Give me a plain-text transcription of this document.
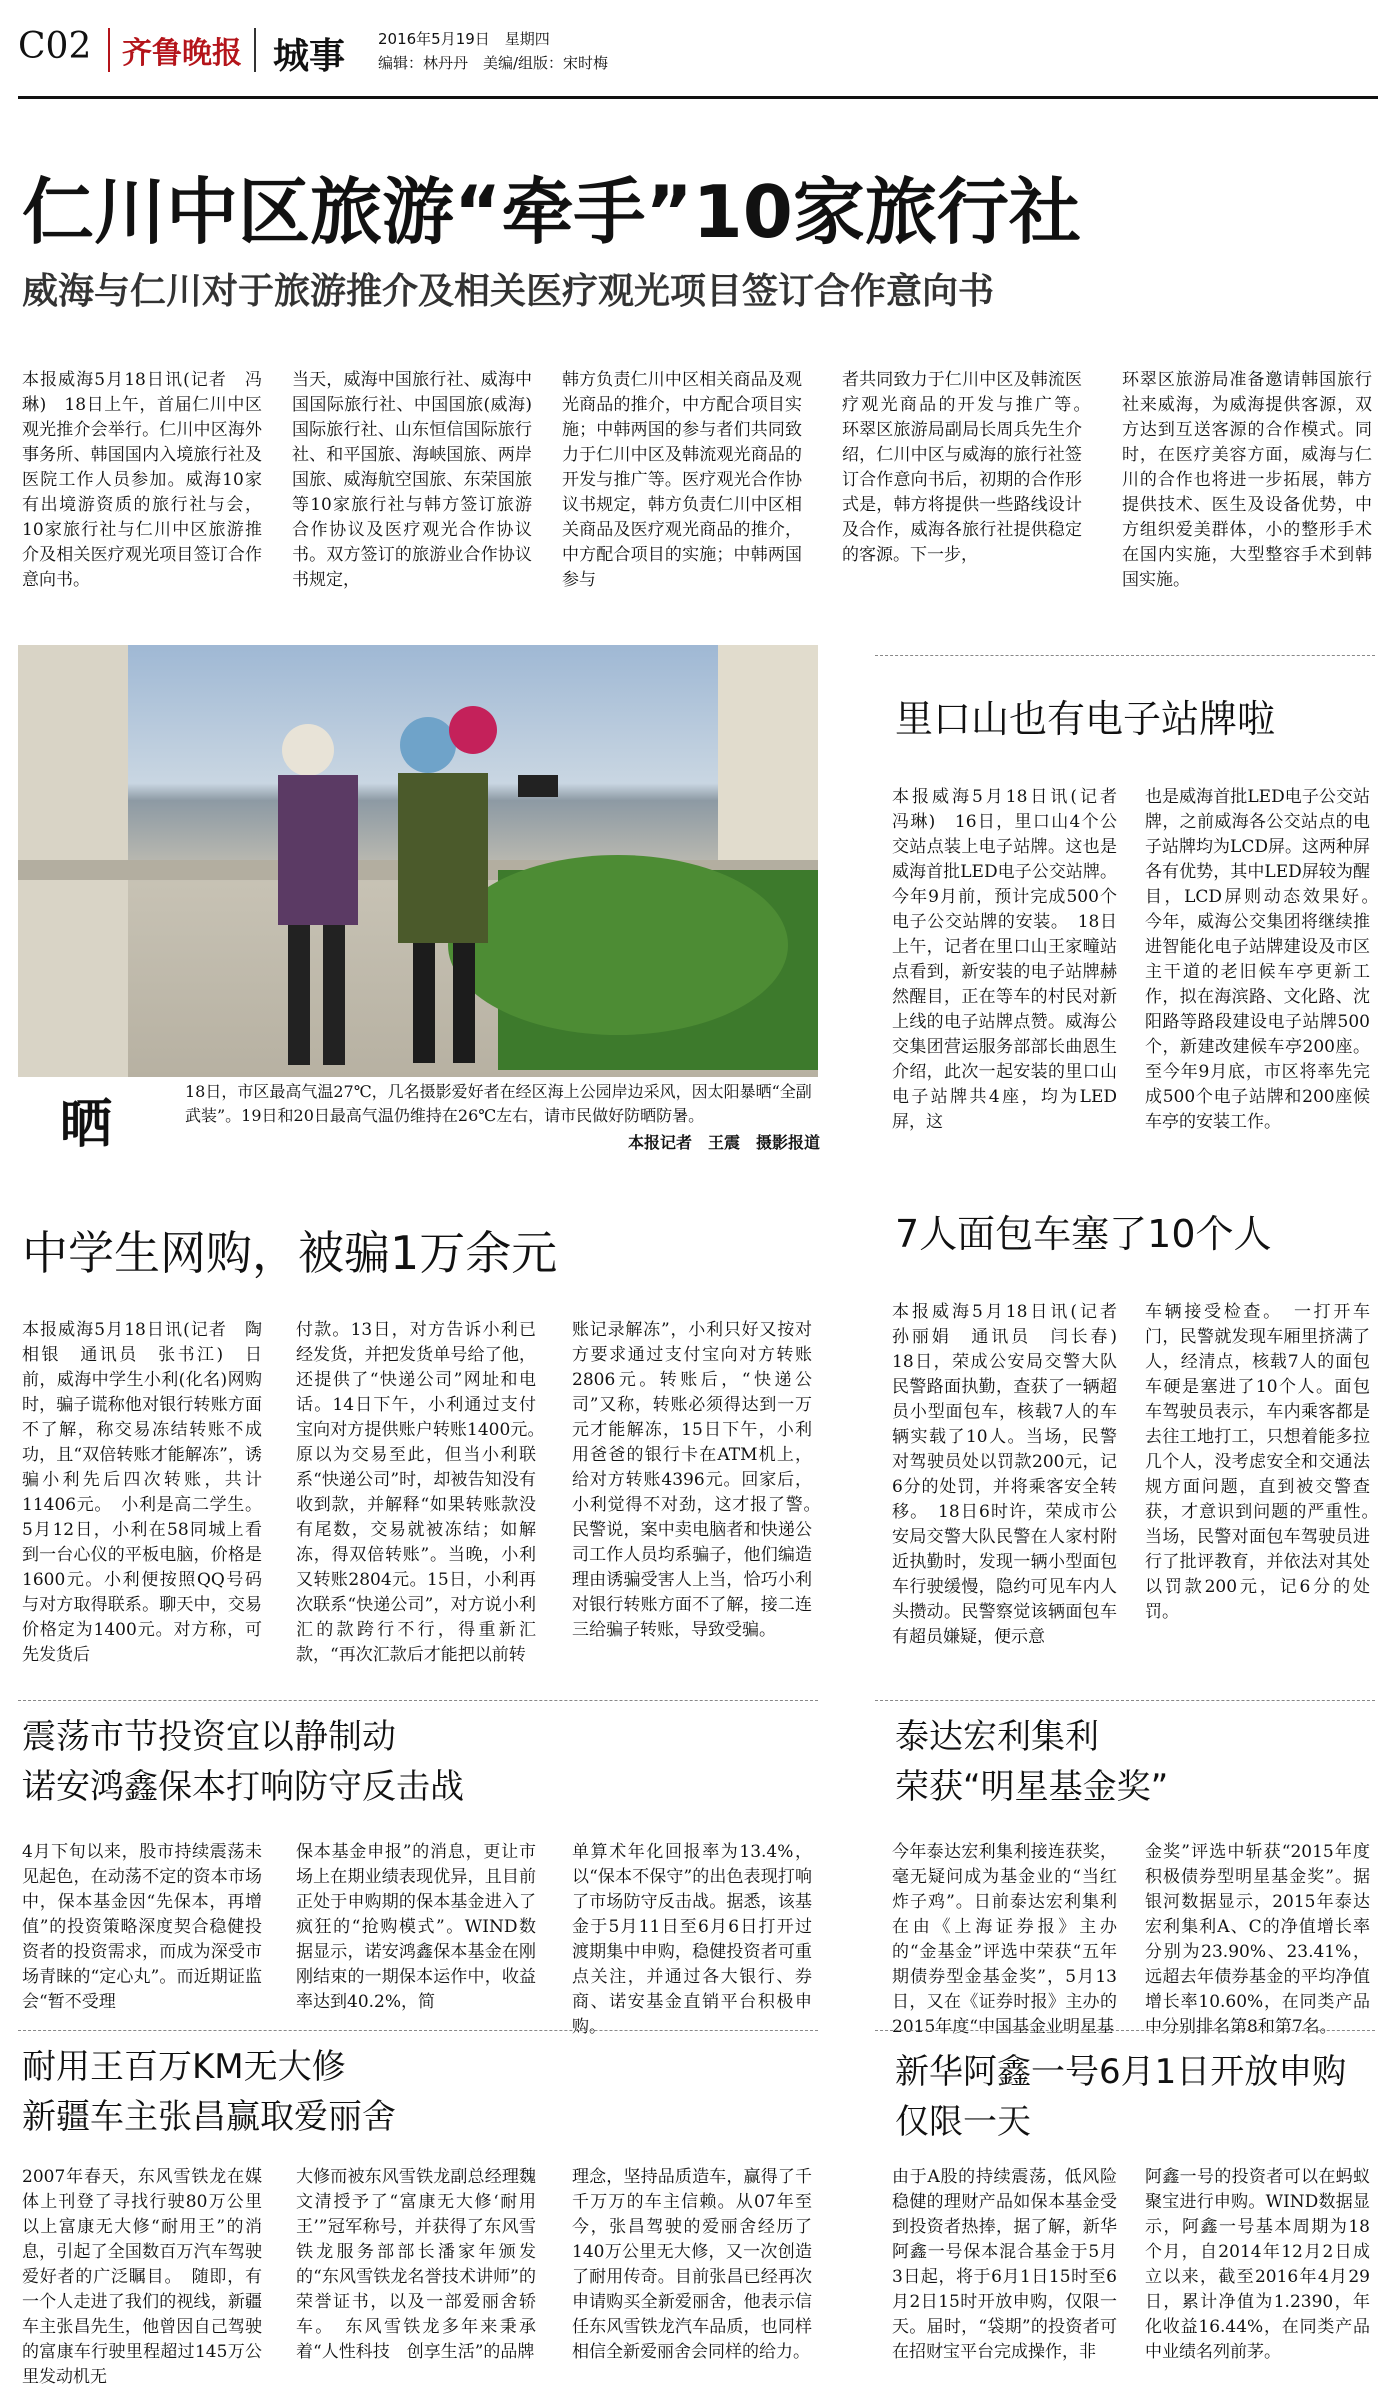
C02	齐鲁晚报 城事 2016年5月19日　星期四
编辑：林丹丹　美编/组版：宋时梅
仁川中区旅游“牵手”10家旅行社
威海与仁川对于旅游推介及相关医疗观光项目签订合作意向书
本报威海5月18日讯(记者　冯琳)　18日上午，首届仁川中区观光推介会举行。仁川中区海外事务所、韩国国内入境旅行社及医院工作人员参加。威海10家有出境游资质的旅行社与会，10家旅行社与仁川中区旅游推介及相关医疗观光项目签订合作意向书。
当天，威海中国旅行社、威海中国国际旅行社、中国国旅(威海)国际旅行社、山东恒信国际旅行社、和平国旅、海峡国旅、两岸国旅、威海航空国旅、东荣国旅等10家旅行社与韩方签订旅游合作协议及医疗观光合作协议书。双方签订的旅游业合作协议书规定，
韩方负责仁川中区相关商品及观光商品的推介，中方配合项目实施；中韩两国的参与者们共同致力于仁川中区及韩流观光商品的开发与推广等。医疗观光合作协议书规定，韩方负责仁川中区相关商品及医疗观光商品的推介，中方配合项目的实施；中韩两国参与
者共同致力于仁川中区及韩流医疗观光商品的开发与推广等。　环翠区旅游局副局长周兵先生介绍，仁川中区与威海的旅行社签订合作意向书后，初期的合作形式是，韩方将提供一些路线设计及合作，威海各旅行社提供稳定的客源。下一步，
环翠区旅游局准备邀请韩国旅行社来威海，为威海提供客源，双方达到互送客源的合作模式。同时，在医疗美容方面，威海与仁川的合作也将进一步拓展，韩方提供技术、医生及设备优势，中方组织爱美群体，小的整形手术在国内实施，大型整容手术到韩国实施。
晒
18日，市区最高气温27℃，几名摄影爱好者在经区海上公园岸边采风，因太阳暴晒“全副武装”。19日和20日最高气温仍维持在26℃左右，请市民做好防晒防暑。
本报记者　王震　摄影报道
里口山也有电子站牌啦
本报威海5月18日讯(记者　冯琳)　16日，里口山4个公交站点装上电子站牌。这也是威海首批LED电子公交站牌。今年9月前，预计完成500个电子公交站牌的安装。　18日上午，记者在里口山王家疃站点看到，新安装的电子站牌赫然醒目，正在等车的村民对新上线的电子站牌点赞。威海公交集团营运服务部部长曲恩生介绍，此次一起安装的里口山电子站牌共4座，均为LED屏，这
也是威海首批LED电子公交站牌，之前威海各公交站点的电子站牌均为LCD屏。这两种屏各有优势，其中LED屏较为醒目，LCD屏则动态效果好。　今年，威海公交集团将继续推进智能化电子站牌建设及市区主干道的老旧候车亭更新工作，拟在海滨路、文化路、沈阳路等路段建设电子站牌500个，新建改建候车亭200座。至今年9月底，市区将率先完成500个电子站牌和200座候车亭的安装工作。
中学生网购，被骗1万余元
本报威海5月18日讯(记者　陶相银　通讯员　张书江)　日前，威海中学生小利(化名)网购时，骗子谎称他对银行转账方面不了解，称交易冻结转账不成功，且“双倍转账才能解冻”，诱骗小利先后四次转账，共计11406元。　小利是高二学生。5月12日，小利在58同城上看到一台心仪的平板电脑，价格是1600元。小利便按照QQ号码与对方取得联系。聊天中，交易价格定为1400元。对方称，可先发货后
付款。13日，对方告诉小利已经发货，并把发货单号给了他，还提供了“快递公司”网址和电话。14日下午，小利通过支付宝向对方提供账户转账1400元。　原以为交易至此，但当小利联系“快递公司”时，却被告知没有收到款，并解释“如果转账款没有尾数，交易就被冻结；如解冻，得双倍转账”。当晚，小利又转账2804元。15日，小利再次联系“快递公司”，对方说小利汇的款跨行不行，得重新汇款，“再次汇款后才能把以前转
账记录解冻”，小利只好又按对方要求通过支付宝向对方转账2806元。转账后，“快递公司”又称，转账必须得达到一万元才能解冻，15日下午，小利用爸爸的银行卡在ATM机上，给对方转账4396元。回家后，小利觉得不对劲，这才报了警。　民警说，案中卖电脑者和快递公司工作人员均系骗子，他们编造理由诱骗受害人上当，恰巧小利对银行转账方面不了解，接二连三给骗子转账，导致受骗。
7人面包车塞了10个人
本报威海5月18日讯(记者　孙丽娟　通讯员　闫长春)　18日，荣成公安局交警大队民警路面执勤，查获了一辆超员小型面包车，核载7人的车辆实载了10人。当场，民警对驾驶员处以罚款200元，记6分的处罚，并将乘客安全转移。　18日6时许，荣成市公安局交警大队民警在人家村附近执勤时，发现一辆小型面包车行驶缓慢，隐约可见车内人头攒动。民警察觉该辆面包车有超员嫌疑，便示意
车辆接受检查。　一打开车门，民警就发现车厢里挤满了人，经清点，核载7人的面包车硬是塞进了10个人。面包车驾驶员表示，车内乘客都是去往工地打工，只想着能多拉几个人，没考虑安全和交通法规方面问题，直到被交警查获，才意识到问题的严重性。　当场，民警对面包车驾驶员进行了批评教育，并依法对其处以罚款200元，记6分的处罚。
震荡市节投资宜以静制动
诺安鸿鑫保本打响防守反击战
4月下旬以来，股市持续震荡未见起色，在动荡不定的资本市场中，保本基金因“先保本，再增值”的投资策略深度契合稳健投资者的投资需求，而成为深受市场青睐的“定心丸”。而近期证监会“暂不受理
保本基金申报”的消息，更让市场上在期业绩表现优异，且目前正处于申购期的保本基金进入了疯狂的“抢购模式”。WIND数据显示，诺安鸿鑫保本基金在刚刚结束的一期保本运作中，收益率达到40.2%，简
单算术年化回报率为13.4%，以“保本不保守”的出色表现打响了市场防守反击战。据悉，该基金于5月11日至6月6日打开过渡期集中申购，稳健投资者可重点关注，并通过各大银行、券商、诺安基金直销平台积极申购。
泰达宏利集利
荣获“明星基金奖”
今年泰达宏利集利接连获奖，毫无疑问成为基金业的“当红炸子鸡”。日前泰达宏利集利在由《上海证券报》主办的“金基金”评选中荣获“五年期债券型金基金奖”，5月13日，又在《证券时报》主办的2015年度“中国基金业明星基
金奖”评选中斩获“2015年度积极债券型明星基金奖”。据银河数据显示，2015年泰达宏利集利A、C的净值增长率分别为23.90%、23.41%，远超去年债券基金的平均净值增长率10.60%，在同类产品中分别排名第8和第7名。
耐用王百万KM无大修
新疆车主张昌赢取爱丽舍
2007年春天，东风雪铁龙在媒体上刊登了寻找行驶80万公里以上富康无大修“耐用王”的消息，引起了全国数百万汽车驾驶爱好者的广泛瞩目。　随即，有一个人走进了我们的视线，新疆车主张昌先生，他曾因自己驾驶的富康车行驶里程超过145万公里发动机无
大修而被东风雪铁龙副总经理魏文清授予了“富康无大修‘耐用王’”冠军称号，并获得了东风雪铁龙服务部部长潘家年颁发的“东风雪铁龙名誉技术讲师”的荣誉证书，以及一部爱丽舍轿车。　东风雪铁龙多年来秉承着“人性科技　创享生活”的品牌
理念，坚持品质造车，赢得了千千万万的车主信赖。从07年至今，张昌驾驶的爱丽舍经历了140万公里无大修，又一次创造了耐用传奇。目前张昌已经再次申请购买全新爱丽舍，他表示信任东风雪铁龙汽车品质，也同样相信全新爱丽舍会同样的给力。
新华阿鑫一号6月1日开放申购
仅限一天
由于A股的持续震荡，低风险稳健的理财产品如保本基金受到投资者热捧，据了解，新华阿鑫一号保本混合基金于5月3日起，将于6月1日15时至6月2日15时开放申购，仅限一天。届时，“袋期”的投资者可在招财宝平台完成操作，非
阿鑫一号的投资者可以在蚂蚁聚宝进行申购。WIND数据显示，阿鑫一号基本周期为18个月，自2014年12月2日成立以来，截至2016年4月29日，累计净值为1.2390，年化收益16.44%，在同类产品中业绩名列前茅。
